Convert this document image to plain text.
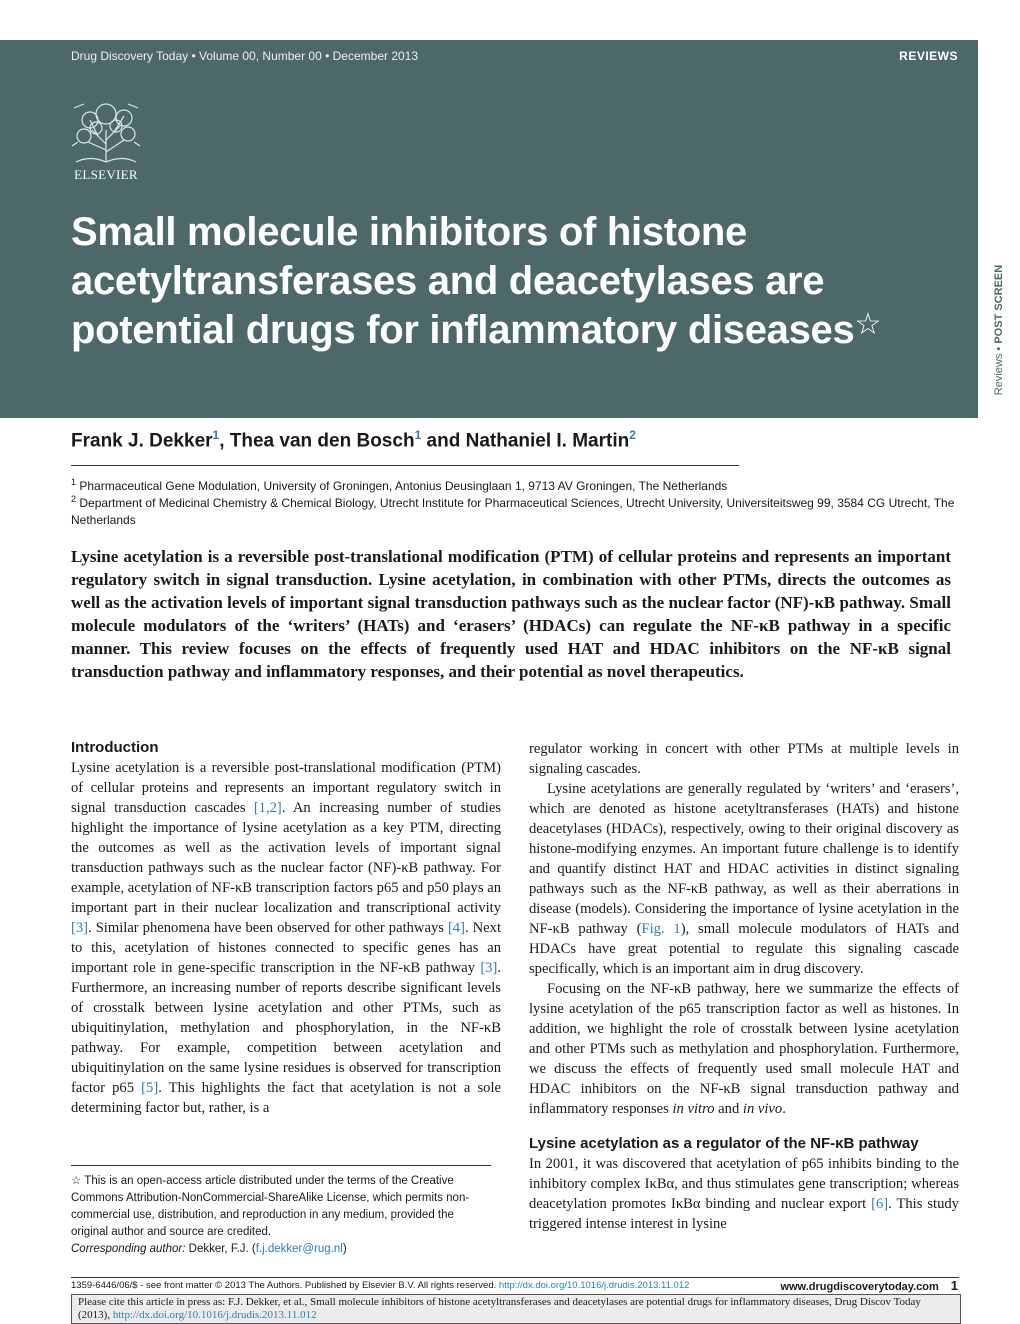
Drug Discovery Today • Volume 00, Number 00 • December 2013	REVIEWS
ELSEVIER
Small molecule inhibitors of histone acetyltransferases and deacetylases are potential drugs for inflammatory diseases☆
Reviews • POST SCREEN
Frank J. Dekker$^1$, Thea van den Bosch$^1$ and Nathaniel I. Martin$^2$
$^1$ Pharmaceutical Gene Modulation, University of Groningen, Antonius Deusinglaan 1, 9713 AV Groningen, The Netherlands
$^2$ Department of Medicinal Chemistry & Chemical Biology, Utrecht Institute for Pharmaceutical Sciences, Utrecht University, Universiteitsweg 99, 3584 CG Utrecht, The Netherlands
Lysine acetylation is a reversible post-translational modification (PTM) of cellular proteins and represents an important regulatory switch in signal transduction. Lysine acetylation, in combination with other PTMs, directs the outcomes as well as the activation levels of important signal transduction pathways such as the nuclear factor (NF)-κB pathway. Small molecule modulators of the ‘writers’ (HATs) and ‘erasers’ (HDACs) can regulate the NF-κB pathway in a specific manner. This review focuses on the effects of frequently used HAT and HDAC inhibitors on the NF-κB signal transduction pathway and inflammatory responses, and their potential as novel therapeutics.
Introduction

Lysine acetylation is a reversible post-translational modification (PTM) of cellular proteins and represents an important regulatory switch in signal transduction cascades [1,2]. An increasing number of studies highlight the importance of lysine acetylation as a key PTM, directing the outcomes as well as the activation levels of important signal transduction pathways such as the nuclear factor (NF)-κB pathway. For example, acetylation of NF-κB transcription factors p65 and p50 plays an important part in their nuclear localization and transcriptional activity [3]. Similar phenomena have been observed for other pathways [4]. Next to this, acetylation of histones connected to specific genes has an important role in gene-specific transcription in the NF-κB pathway [3]. Furthermore, an increasing number of reports describe significant levels of crosstalk between lysine acetylation and other PTMs, such as ubiquitinylation, methylation and phosphorylation, in the NF-κB pathway. For example, competition between acetylation and ubiquitinylation on the same lysine residues is observed for transcription factor p65 [5]. This highlights the fact that acetylation is not a sole determining factor but, rather, is a

regulator working in concert with other PTMs at multiple levels in signaling cascades.

Lysine acetylations are generally regulated by ‘writers’ and ‘erasers’, which are denoted as histone acetyltransferases (HATs) and histone deacetylases (HDACs), respectively, owing to their original discovery as histone-modifying enzymes. An important future challenge is to identify and quantify distinct HAT and HDAC activities in distinct signaling pathways such as the NF-κB pathway, as well as their aberrations in disease (models). Considering the importance of lysine acetylation in the NF-κB pathway (Fig. 1), small molecule modulators of HATs and HDACs have great potential to regulate this signaling cascade specifically, which is an important aim in drug discovery.

Focusing on the NF-κB pathway, here we summarize the effects of lysine acetylation of the p65 transcription factor as well as histones. In addition, we highlight the role of crosstalk between lysine acetylation and other PTMs such as methylation and phosphorylation. Furthermore, we discuss the effects of frequently used small molecule HAT and HDAC inhibitors on the NF-κB signal transduction pathway and inflammatory responses in vitro and in vivo.

Lysine acetylation as a regulator of the NF-κB pathway

In 2001, it was discovered that acetylation of p65 inhibits binding to the inhibitory complex IκBα, and thus stimulates gene transcription; whereas deacetylation promotes IκBα binding and nuclear export [6]. This study triggered intense interest in lysine

☆ This is an open-access article distributed under the terms of the Creative Commons Attribution-NonCommercial-ShareAlike License, which permits non-commercial use, distribution, and reproduction in any medium, provided the original author and source are credited.
Corresponding author: Dekker, F.J. (f.j.dekker@rug.nl)
1359-6446/06/$ - see front matter © 2013 The Authors. Published by Elsevier B.V. All rights reserved. http://dx.doi.org/10.1016/j.drudis.2013.11.012	www.drugdiscoverytoday.com 1
Please cite this article in press as: F.J. Dekker, et al., Small molecule inhibitors of histone acetyltransferases and deacetylases are potential drugs for inflammatory diseases, Drug Discov Today (2013), http://dx.doi.org/10.1016/j.drudis.2013.11.012
